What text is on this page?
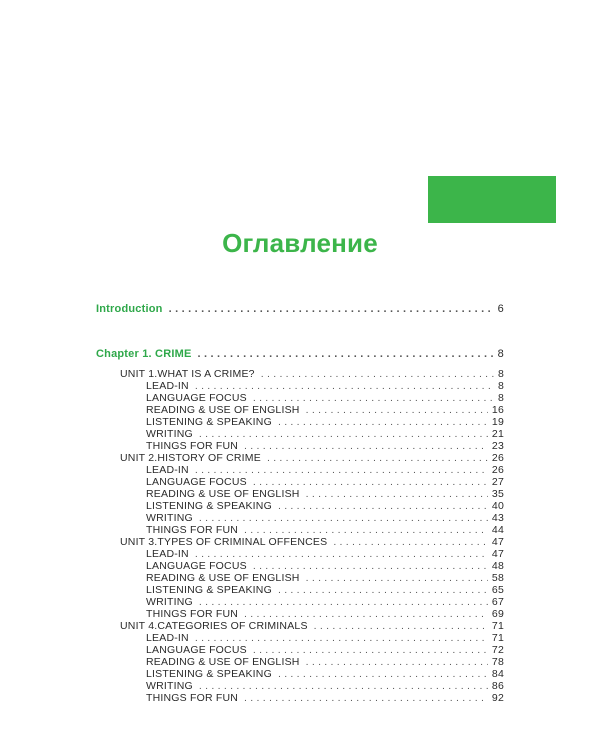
Оглавление
Introduction . . .	6
Chapter 1. CRIME . . .	8
UNIT 1. WHAT IS A CRIME? . . .	8
LEAD-IN . . .	8
LANGUAGE FOCUS . . .	8
READING & USE OF ENGLISH . . .	16
LISTENING & SPEAKING . . .	19
WRITING . . .	21
THINGS FOR FUN . . .	23
UNIT 2. HISTORY OF CRIME . . .	26
LEAD-IN . . .	26
LANGUAGE FOCUS . . .	27
READING & USE OF ENGLISH . . .	35
LISTENING & SPEAKING . . .	40
WRITING . . .	43
THINGS FOR FUN . . .	44
UNIT 3. TYPES OF CRIMINAL OFFENCES . . .	47
LEAD-IN . . .	47
LANGUAGE FOCUS . . .	48
READING & USE OF ENGLISH . . .	58
LISTENING & SPEAKING . . .	65
WRITING . . .	67
THINGS FOR FUN . . .	69
UNIT 4. CATEGORIES OF CRIMINALS . . .	71
LEAD-IN . . .	71
LANGUAGE FOCUS . . .	72
READING & USE OF ENGLISH . . .	78
LISTENING & SPEAKING . . .	84
WRITING . . .	86
THINGS FOR FUN . . .	92
